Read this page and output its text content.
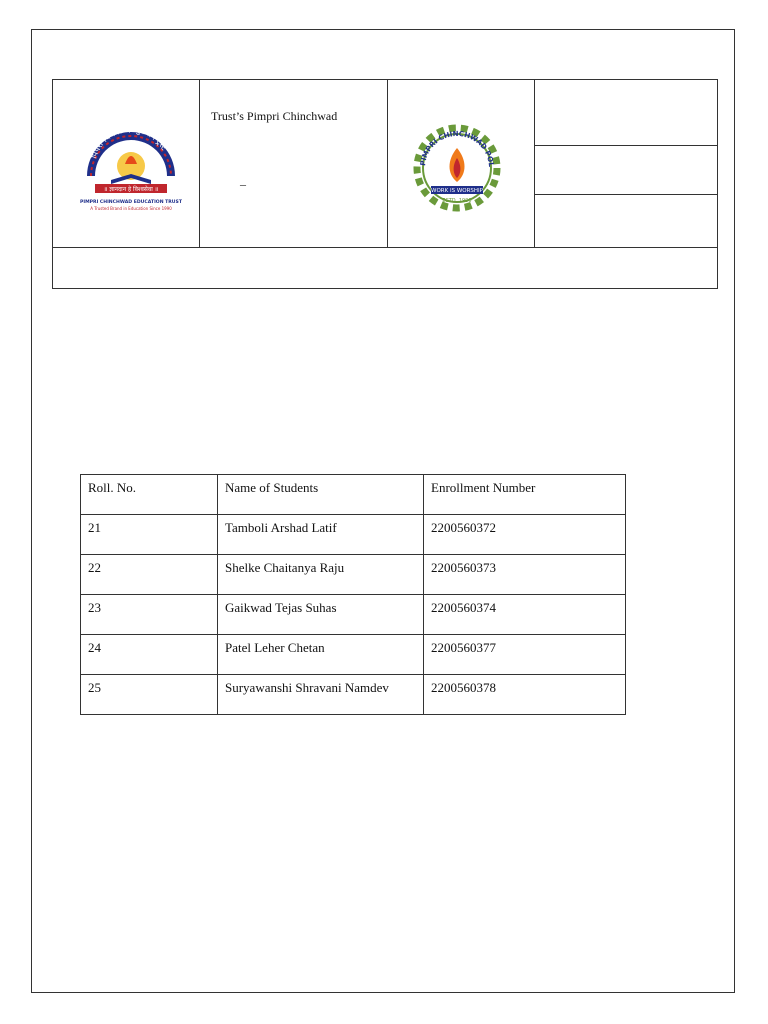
पिंपरी चिंचवड एज्युकेशन ट्रस्ट
॥ ज्ञानदान हे विश्वसेवा ॥
PIMPRI CHINCHWAD EDUCATION TRUST
A Trusted Brand in Education Since 1990
Trust’s Pimpri Chinchwad
–
PIMPRI CHINCHWAD POL
WORK IS WORSHIP
ESTD. 1990
Roll. No.	Name of Students	Enrollment Number
21	Tamboli Arshad Latif	2200560372
22	Shelke Chaitanya Raju	2200560373
23	Gaikwad Tejas Suhas	2200560374
24	Patel Leher Chetan	2200560377
25	Suryawanshi Shravani Namdev	2200560378
